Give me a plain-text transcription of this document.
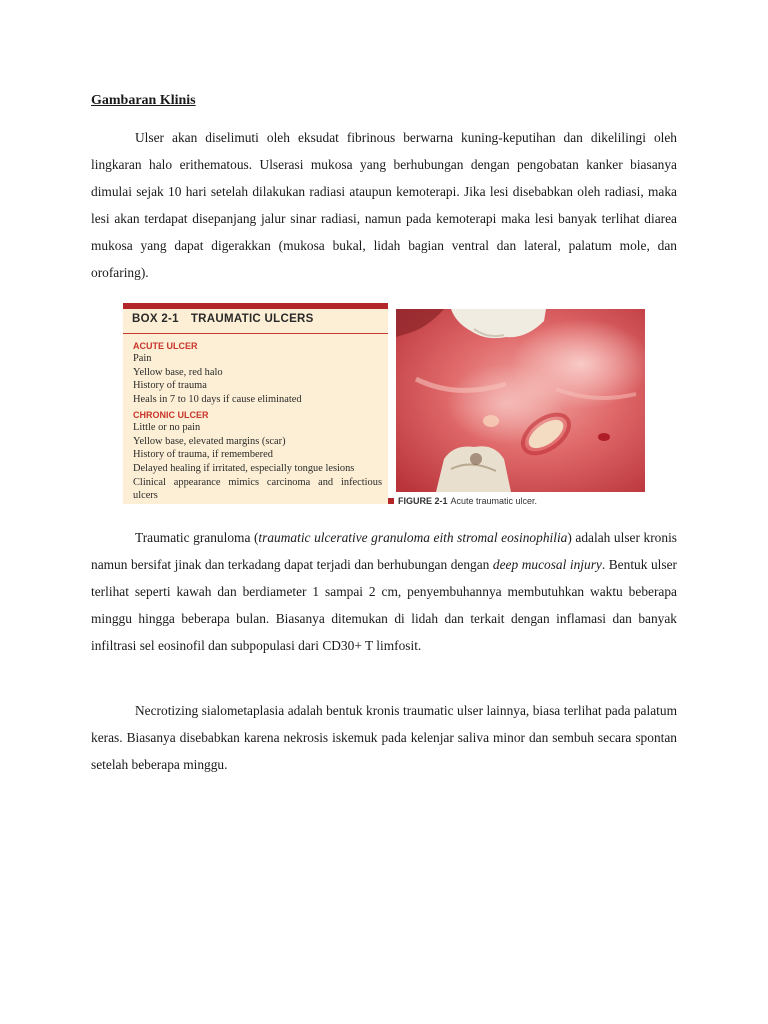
Gambaran Klinis

Ulser akan diselimuti oleh eksudat fibrinous berwarna kuning-keputihan dan dikelilingi oleh lingkaran halo erithematous. Ulserasi mukosa yang berhubungan dengan pengobatan kanker biasanya dimulai sejak 10 hari setelah dilakukan radiasi ataupun kemoterapi. Jika lesi disebabkan oleh radiasi, maka lesi akan terdapat disepanjang jalur sinar radiasi, namun pada kemoterapi maka lesi banyak terlihat diarea mukosa yang dapat digerakkan (mukosa bukal, lidah bagian ventral dan lateral, palatum mole, dan orofaring).

BOX 2-1 TRAUMATIC ULCERS

ACUTE ULCER

Pain

Yellow base, red halo

History of trauma

Heals in 7 to 10 days if cause eliminated

CHRONIC ULCER

Little or no pain

Yellow base, elevated margins (scar)

History of trauma, if remembered

Delayed healing if irritated, especially tongue lesions

Clinical appearance mimics carcinoma and infectious ulcers	FIGURE 2-1 Acute traumatic ulcer.

Traumatic granuloma (traumatic ulcerative granuloma eith stromal eosinophilia) adalah ulser kronis namun bersifat jinak dan terkadang dapat terjadi dan berhubungan dengan deep mucosal injury. Bentuk ulser terlihat seperti kawah dan berdiameter 1 sampai 2 cm, penyembuhannya membutuhkan waktu beberapa minggu hingga beberapa bulan. Biasanya ditemukan di lidah dan terkait dengan inflamasi dan banyak infiltrasi sel eosinofil dan subpopulasi dari CD30+ T limfosit.

Necrotizing sialometaplasia adalah bentuk kronis traumatic ulser lainnya, biasa terlihat pada palatum keras. Biasanya disebabkan karena nekrosis iskemuk pada kelenjar saliva minor dan sembuh secara spontan setelah beberapa minggu.
